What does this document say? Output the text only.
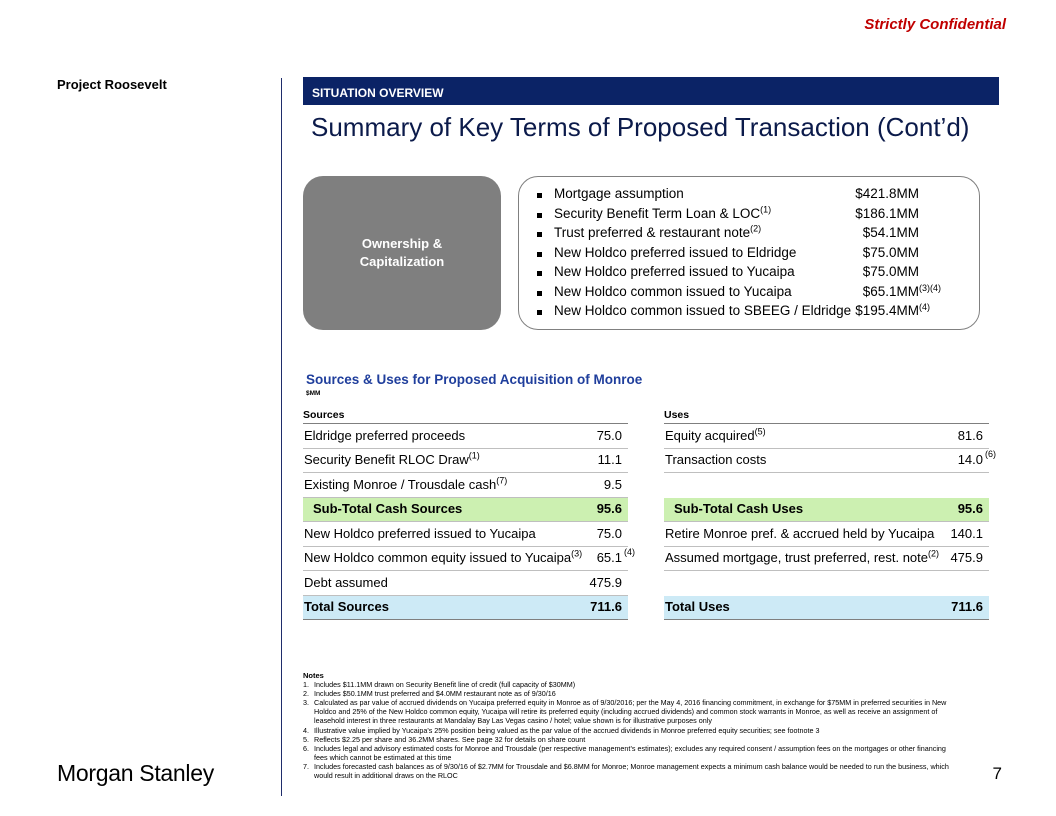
Strictly Confidential
Project Roosevelt
SITUATION OVERVIEW
Summary of Key Terms of Proposed Transaction (Cont’d)
Ownership & Capitalization
Mortgage assumption	$421.8MM
Security Benefit Term Loan & LOC$^{(1)}$	$186.1MM
Trust preferred & restaurant note$^{(2)}$	$54.1MM
New Holdco preferred issued to Eldridge	$75.0MM
New Holdco preferred issued to Yucaipa	$75.0MM
New Holdco common issued to Yucaipa	$65.1MM (3)(4)
New Holdco common issued to SBEEG / Eldridge $195.4MM (4)
Sources & Uses for Proposed Acquisition of Monroe
$MM
Sources
Eldridge preferred proceeds	75.0
Security Benefit RLOC Draw$^{(1)}$	11.1
Existing Monroe / Trousdale cash$^{(7)}$	9.5
Sub-Total Cash Sources	95.6
New Holdco preferred issued to Yucaipa	75.0
New Holdco common equity issued to Yucaipa$^{(3)}$ 65.1 (4)
Debt assumed	475.9
Total Sources	711.6
Uses
Equity acquired$^{(5)}$	81.6
Transaction costs	14.0 (6)
Sub-Total Cash Uses	95.6
Retire Monroe pref. & accrued held by Yucaipa 140.1
Assumed mortgage, trust preferred, rest. note$^{(2)}$ 475.9
Total Uses	711.6
Notes
1. Includes $11.1MM drawn on Security Benefit line of credit (full capacity of $30MM)
2. Includes $50.1MM trust preferred and $4.0MM restaurant note as of 9/30/16
3. Calculated as par value of accrued dividends on Yucaipa preferred equity in Monroe as of 9/30/2016; per the May 4, 2016 financing commitment, in exchange for $75MM in preferred securities in New Holdco and 25% of the New Holdco common equity, Yucaipa will retire its preferred equity (including accrued dividends) and common stock warrants in Monroe, as well as receive an assignment of leasehold interest in three restaurants at Mandalay Bay Las Vegas casino / hotel; value shown is for illustrative purposes only
4. Illustrative value implied by Yucaipa's 25% position being valued as the par value of the accrued dividends in Monroe preferred equity securities; see footnote 3
5. Reflects $2.25 per share and 36.2MM shares. See page 32 for details on share count
6. Includes legal and advisory estimated costs for Monroe and Trousdale (per respective management’s estimates); excludes any required consent / assumption fees on the mortgages or other financing fees which cannot be estimated at this time
7. Includes forecasted cash balances as of 9/30/16 of $2.7MM for Trousdale and $6.8MM for Monroe; Monroe management expects a minimum cash balance would be needed to run the business, which would result in additional draws on the RLOC
Morgan Stanley	7
